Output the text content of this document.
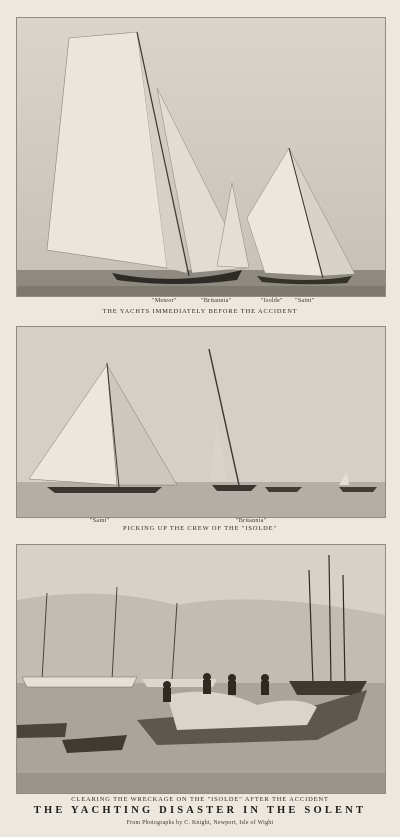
"Meteor"	"Britannia"	"Isolde" "Saint"
THE YACHTS IMMEDIATELY BEFORE THE ACCIDENT
"Saint"	"Britannia"
PICKING UP THE CREW OF THE "ISOLDE"
CLEARING THE WRECKAGE ON THE "ISOLDE" AFTER THE ACCIDENT
THE YACHTING DISASTER IN THE SOLENT
From Photographs by C. Knight, Newport, Isle of Wight
